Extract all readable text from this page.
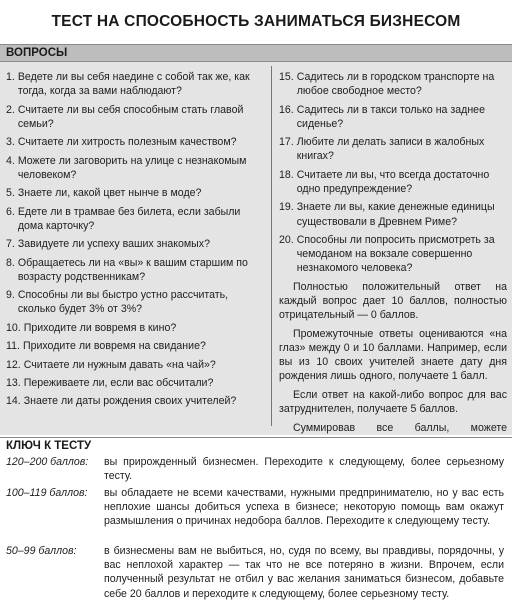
ТЕСТ НА СПОСОБНОСТЬ ЗАНИМАТЬСЯ БИЗНЕСОМ
ВОПРОСЫ
1. Ведете ли вы себя наедине с собой так же, как тогда, когда за вами наблюдают?
2. Считаете ли вы себя способным стать главой семьи?
3. Считаете ли хитрость полезным качеством?
4. Можете ли заговорить на улице с незнакомым человеком?
5. Знаете ли, какой цвет нынче в моде?
6. Едете ли в трамвае без билета, если забыли дома карточку?
7. Завидуете ли успеху ваших знакомых?
8. Обращаетесь ли на «вы» к вашим старшим по возрасту родственникам?
9. Способны ли вы быстро устно рассчитать, сколько будет 3% от 3%?
10. Приходите ли вовремя в кино?
11. Приходите ли вовремя на свидание?
12. Считаете ли нужным давать «на чай»?
13. Переживаете ли, если вас обсчитали?
14. Знаете ли даты рождения своих учителей?
15. Садитесь ли в городском транспорте на любое свободное место?
16. Садитесь ли в такси только на заднее сиденье?
17. Любите ли делать записи в жалобных книгах?
18. Считаете ли вы, что всегда достаточно одно предупреждение?
19. Знаете ли вы, какие денежные единицы существовали в Древнем Риме?
20. Способны ли попросить присмотреть за чемоданом на вокзале совершенно незнакомого человека?
Полностью положительный ответ на каждый вопрос дает 10 баллов, полностью отрицательный — 0 баллов.
Промежуточные ответы оцениваются «на глаз» между 0 и 10 баллами. Например, если вы из 10 своих учителей знаете дату дня рождения лишь одного, получаете 1 балл.
Если ответ на какой-либо вопрос для вас затруднителен, получаете 5 баллов.
Суммировав все баллы, можете
КЛЮЧ К ТЕСТУ
120–200 баллов: вы прирожденный бизнесмен. Переходите к следующему, более серьезному тесту.
100–119 баллов: вы обладаете не всеми качествами, нужными предпринимателю, но у вас есть неплохие шансы добиться успеха в бизнесе; некоторую помощь вам окажут размышления о причинах недобора баллов. Переходите к следующему тесту.
50–99 баллов:	в бизнесмены вам не выбиться, но, судя по всему, вы правдивы, порядочны, у вас неплохой характер — так что не все потеряно в жизни. Впрочем, если полученный результат не отбил у вас желания заниматься бизнесом, добавьте себе 20 баллов и переходите к следующему, более серьезному тесту.
